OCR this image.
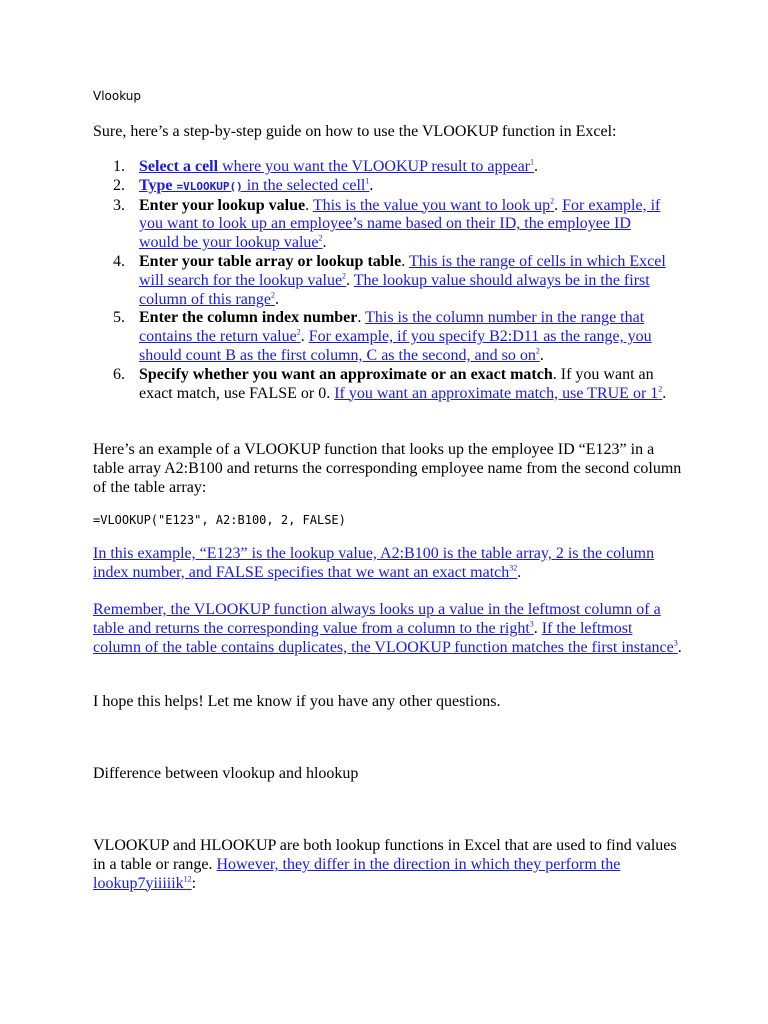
Vlookup
Sure, here’s a step-by-step guide on how to use the VLOOKUP function in Excel:
1. Select a cell where you want the VLOOKUP result to appear$^1$.
2. Type =VLOOKUP() in the selected cell$^1$.
3. Enter your lookup value. This is the value you want to look $up^2$. For example, if you want to look up an employee’s name based on their ID, the employee ID would be your lookup value$^2$.
4. Enter your table array or lookup table. This is the range of cells in which Excel will search for the lookup value$^2$. The lookup value should always be in the first column of this range$^2$.
5. Enter the column index number. This is the column number in the range that contains the return value$^2$. For example, if you specify B2:D11 as the range, you should count B as the first column, C as the second, and so $on^2$.
6. Specify whether you want an approximate or an exact match. If you want an exact match, use FALSE or 0. If you want an approximate match, use TRUE or $1^2$.
Here’s an example of a VLOOKUP function that looks up the employee ID “E123” in a table array A2:B100 and returns the corresponding employee name from the second column of the table array:
=VLOOKUP("E123", A2:B100, 2, FALSE)
In this example, “E123” is the lookup value, A2:B100 is the table array, 2 is the column index number, and FALSE specifies that we want an exact match$^{32}$.
Remember, the VLOOKUP function always looks up a value in the leftmost column of a table and returns the corresponding value from a column to the right$^3$. If the leftmost column of the table contains duplicates, the VLOOKUP function matches the first instance$^3$.
I hope this helps! Let me know if you have any other questions.
Difference between vlookup and hlookup
VLOOKUP and HLOOKUP are both lookup functions in Excel that are used to find values in a table or range. However, they differ in the direction in which they perform the lookup7yiiiiik$^{12}$:
